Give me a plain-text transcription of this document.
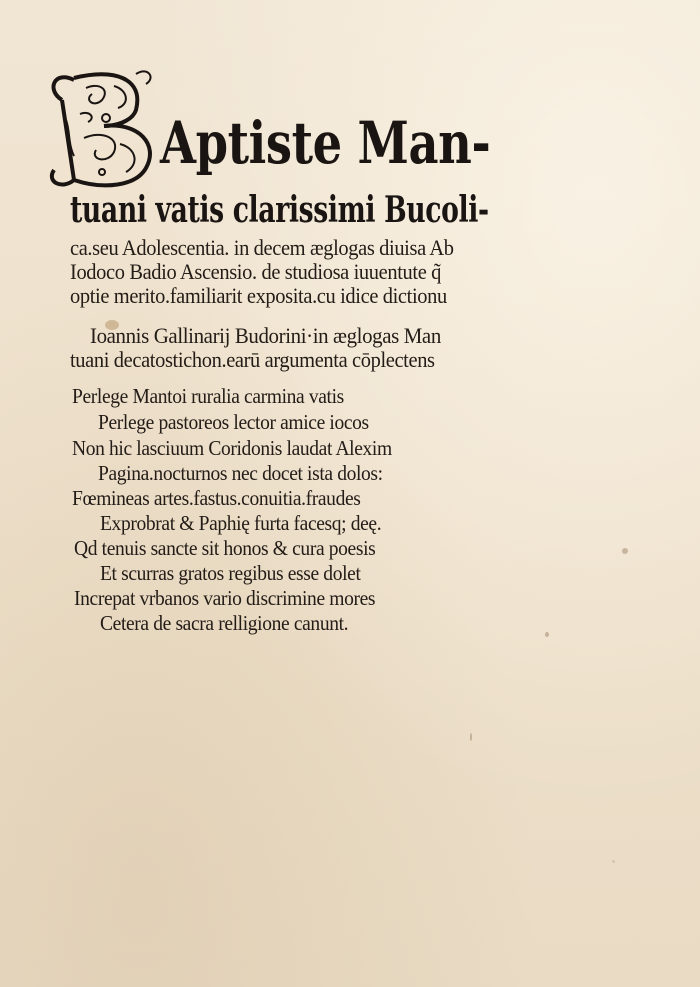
Aptiste Man-
tuani vatis clarissimi Bucoli-
ca.seu Adolescentia. in decem æglogas diuisa Ab
Iodoco Badio Ascensio. de studiosa iuuentute q̃
optie merito.familiarit exposita.cu idice dictionu
Ioannis Gallinarij Budorini·in æglogas Man
tuani decatostichon.earū argumenta cōplectens
Perlege Mantoi ruralia carmina vatis
Perlege pastoreos lector amice iocos
Non hic lasciuum Coridonis laudat Alexim
Pagina.nocturnos nec docet ista dolos:
Fœmineas artes.fastus.conuitia.fraudes
Exprobrat & Paphię furta facesq; deę.
Qd tenuis sancte sit honos & cura poesis
Et scurras gratos regibus esse dolet
Increpat vrbanos vario discrimine mores
Cetera de sacra relligione canunt.
